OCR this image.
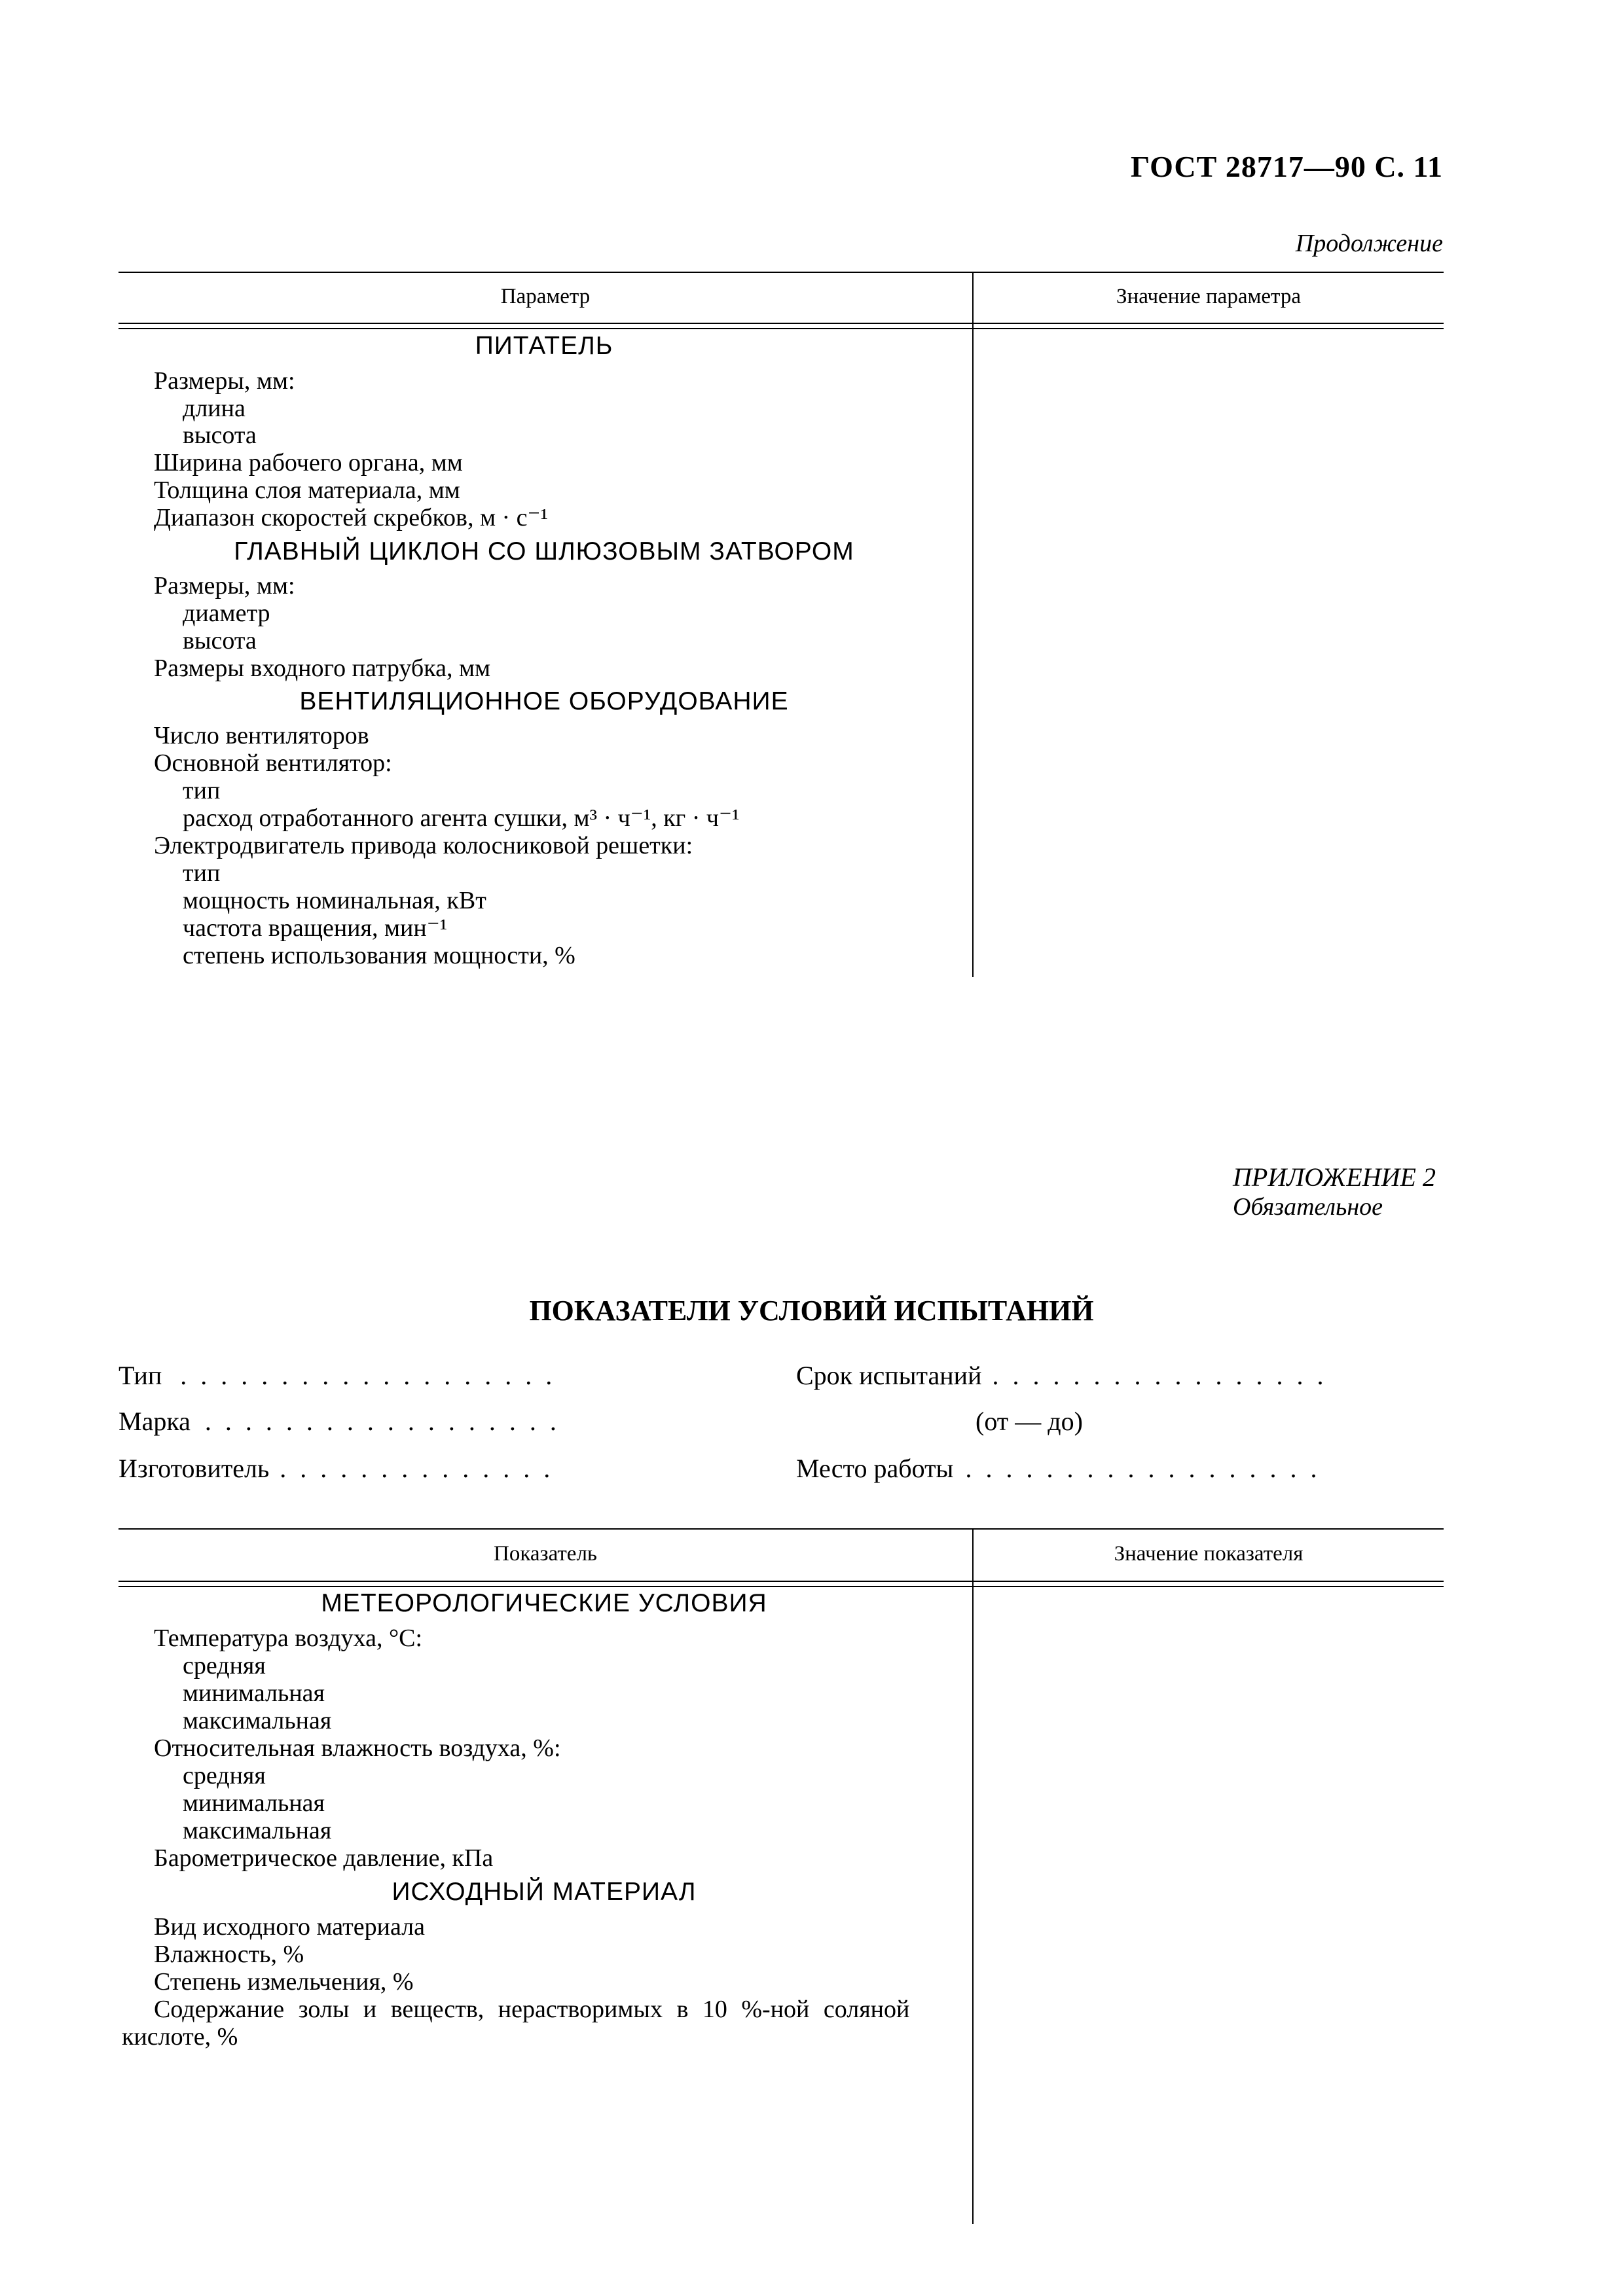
ГОСТ 28717—90 С. 11
Продолжение
Параметр	Значение параметра
ПИТАТЕЛЬ
Размеры, мм:
длина
высота
Ширина рабочего органа, мм
Толщина слоя материала, мм
Диапазон скоростей скребков, м · с⁻¹
ГЛАВНЫЙ ЦИКЛОН СО ШЛЮЗОВЫМ ЗАТВОРОМ
Размеры, мм:
диаметр
высота
Размеры входного патрубка, мм
ВЕНТИЛЯЦИОННОЕ ОБОРУДОВАНИЕ
Число вентиляторов
Основной вентилятор:
тип
расход отработанного агента сушки, м³ · ч⁻¹, кг · ч⁻¹
Электродвигатель привода колосниковой решетки:
тип
мощность номинальная, кВт
частота вращения, мин⁻¹
степень использования мощности, %
ПРИЛОЖЕНИЕ 2
Обязательное
ПОКАЗАТЕЛИ УСЛОВИЙ ИСПЫТАНИЙ
Тип ...................
Марка ..................
Изготовитель ..............
Срок испытаний .................
(от — до)
Место работы ..................
Показатель	Значение показателя
МЕТЕОРОЛОГИЧЕСКИЕ УСЛОВИЯ
Температура воздуха, °С:
средняя
минимальная
максимальная
Относительная влажность воздуха, %:
средняя
минимальная
максимальная
Барометрическое давление, кПа
ИСХОДНЫЙ МАТЕРИАЛ
Вид исходного материала
Влажность, %
Степень измельчения, %
Содержание золы и веществ, нерастворимых в 10 %-ной соляной
кислоте, %
